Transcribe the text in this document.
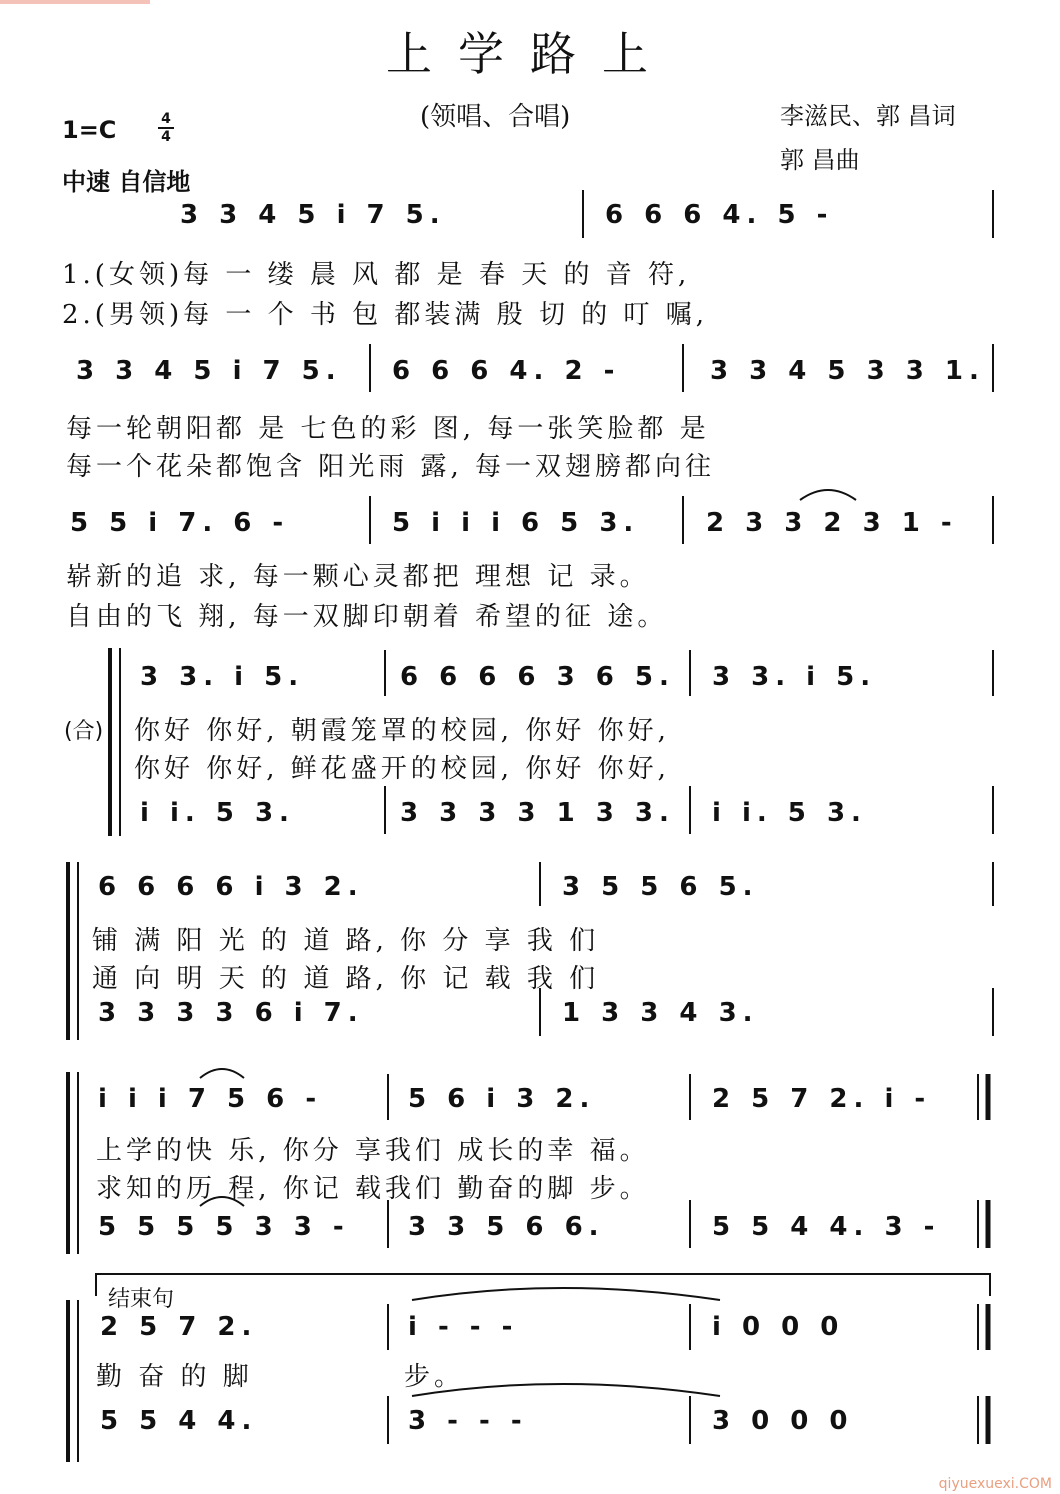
上学路上
(领唱、合唱)
1=C	4
4
中速 自信地
李滋民、郭 昌词
郭 昌曲
3 3 4 5 i 7 5.	6 6 6 4. 5 -
1.(女领)每 一 缕 晨 风 都 是 春 天 的 音 符,
2.(男领)每 一 个 书 包 都装满 殷 切 的 叮 嘱,
3 3 4 5 i 7 5. 6 6 6 4. 2 -	3 3 4 5 3 3 1.
每一轮朝阳都 是 七色的彩 图, 每一张笑脸都 是
每一个花朵都饱含 阳光雨 露, 每一双翅膀都向往
5 5 i 7. 6 -	5 i i i 6 5 3.	2 3 3 2 3 1 -
崭新的追 求, 每一颗心灵都把 理想 记 录。
自由的飞 翔, 每一双脚印朝着 希望的征 途。
(合)
3 3. i 5.	6 6 6 6 3 6 5. 3 3. i 5.
你好 你好, 朝霞笼罩的校园, 你好 你好,
你好 你好, 鲜花盛开的校园, 你好 你好,
i i. 5 3.	3 3 3 3 1 3 3. i i. 5 3.
6 6 6 6 i 3 2.	3 5 5 6 5.
铺 满 阳 光 的 道 路, 你 分 享 我 们
通 向 明 天 的 道 路, 你 记 载 我 们
3 3 3 3 6 i 7.	1 3 3 4 3.
i i i 7 5 6 -	5 6 i 3 2.	2 5 7 2. i -
上学的快 乐, 你分 享我们 成长的幸 福。
求知的历 程, 你记 载我们 勤奋的脚 步。
5 5 5 5 3 3 - 3 3 5 6 6.	5 5 4 4. 3 -
结束句
2 5 7 2.	i - - -	i 0 0 0
勤 奋 的 脚	步。
5 5 4 4.	3 - - -	3 0 0 0
qiyuexuexi.COM
